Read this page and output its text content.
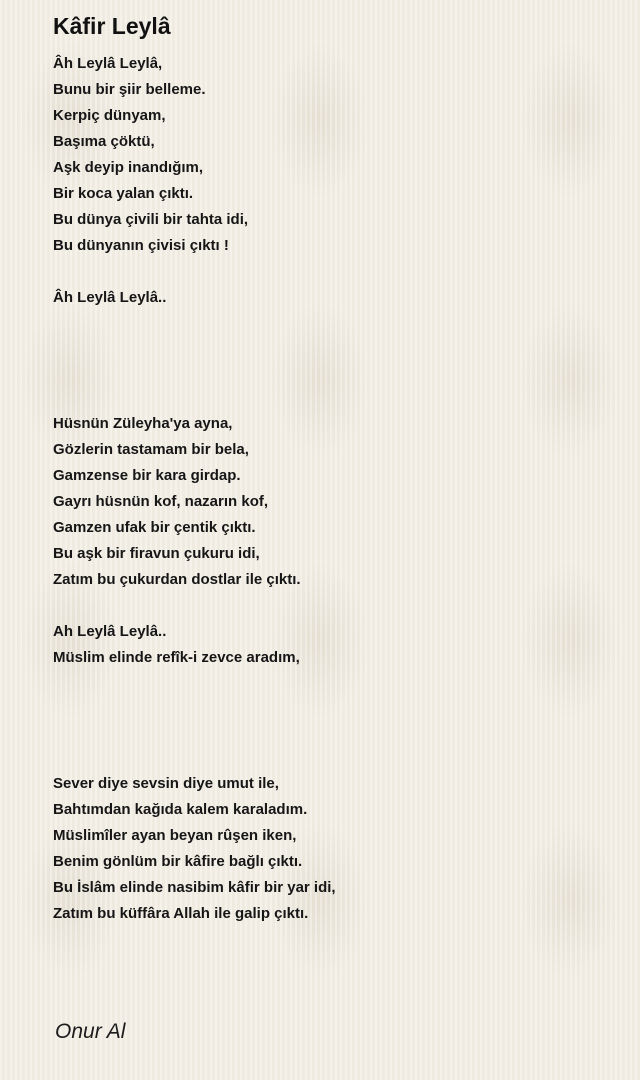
Kâfir Leylâ
Âh Leylâ Leylâ,
Bunu bir şiir belleme.
Kerpiç dünyam,
Başıma çöktü,
Aşk deyip inandığım,
Bir koca yalan çıktı.
Bu dünya çivili bir tahta idi,
Bu dünyanın çivisi çıktı !
Âh Leylâ Leylâ..
Hüsnün Züleyha'ya ayna,
Gözlerin tastamam bir bela,
Gamzense bir kara girdap.
Gayrı hüsnün kof, nazarın kof,
Gamzen ufak bir çentik çıktı.
Bu aşk bir firavun çukuru idi,
Zatım bu çukurdan dostlar ile çıktı.
Ah Leylâ Leylâ..
Müslim elinde refîk-i zevce aradım,
Sever diye sevsin diye umut ile,
Bahtımdan kağıda kalem karaladım.
Müslimîler ayan beyan rûşen iken,
Benim gönlüm bir kâfire bağlı çıktı.
Bu İslâm elinde nasibim kâfir bir yar idi,
Zatım bu küffâra Allah ile galip çıktı.
Onur Al
